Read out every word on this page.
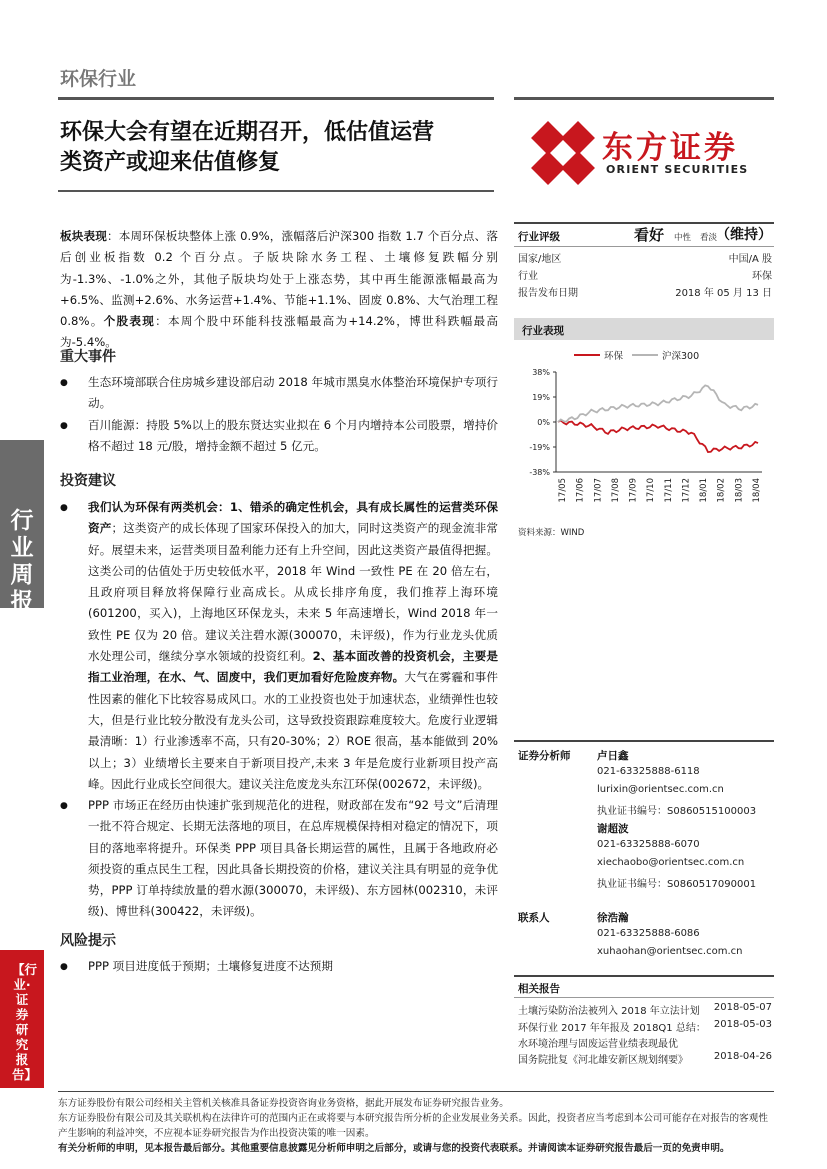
环保行业
环保大会有望在近期召开，低估值运营
类资产或迎来估值修复	东方证券
ORIENT SECURITIES
板块表现：本周环保板块整体上涨 0.9%，涨幅落后沪深300 指数 1.7 个百分点、落后创业板指数 0.2 个百分点。子版块除水务工程、土壤修复跌幅分别为-1.3%、-1.0%之外，其他子版块均处于上涨态势，其中再生能源涨幅最高为+6.5%、监测+2.6%、水务运营+1.4%、节能+1.1%、固废 0.8%、大气治理工程 0.8%。个股表现：本周个股中环能科技涨幅最高为+14.2%，博世科跌幅最高为-5.4%。
重大事件
● 生态环境部联合住房城乡建设部启动 2018 年城市黑臭水体整治环境保护专项行动。
● 百川能源：持股 5%以上的股东贤达实业拟在 6 个月内增持本公司股票，增持价格不超过 18 元/股，增持金额不超过 5 亿元。
投资建议
● 我们认为环保有两类机会：1、错杀的确定性机会，具有成长属性的运营类环保资产；这类资产的成长体现了国家环保投入的加大，同时这类资产的现金流非常好。展望未来，运营类项目盈利能力还有上升空间，因此这类资产最值得把握。这类公司的估值处于历史较低水平，2018 年 Wind 一致性 PE 在 20 倍左右，且政府项目释放将保障行业高成长。从成长排序角度，我们推荐上海环境(601200，买入)，上海地区环保龙头，未来 5 年高速增长，Wind 2018 年一致性 PE 仅为 20 倍。建议关注碧水源(300070，未评级)，作为行业龙头优质水处理公司，继续分享水领域的投资红利。2、基本面改善的投资机会，主要是指工业治理，在水、气、固废中，我们更加看好危险废弃物。大气在雾霾和事件性因素的催化下比较容易成风口。水的工业投资也处于加速状态，业绩弹性也较大，但是行业比较分散没有龙头公司，这导致投资跟踪难度较大。危废行业逻辑最清晰：1）行业渗透率不高，只有20-30%；2）ROE 很高，基本能做到 20%以上；3）业绩增长主要来自于新项目投产,未来 3 年是危废行业新项目投产高峰。因此行业成长空间很大。建议关注危废龙头东江环保(002672，未评级)。
● PPP 市场正在经历由快速扩张到规范化的进程，财政部在发布“92 号文”后清理一批不符合规定、长期无法落地的项目，在总库规模保持相对稳定的情况下，项目的落地率将提升。环保类 PPP 项目具备长期运营的属性，且属于各地政府必须投资的重点民生工程，因此具备长期投资的价格，建议关注具有明显的竞争优势，PPP 订单持续放量的碧水源(300070，未评级)、东方园林(002310，未评级)、博世科(300422，未评级)。
风险提示
● PPP 项目进度低于预期；土壤修复进度不达预期
行业周报
【行业·证券研究报告】
行业评级	看好 中性 看淡
（维持）
国家/地区	中国/A 股
行业	环保
报告发布日期	2018 年 05 月 13 日
行业表现
环保	沪深300
38%
19%
0%
-19%
-38%
17/05 17/06 17/07 17/08 17/09 17/10 17/11 17/12 18/01 18/02 18/03 18/04
资料来源：WIND
证券分析师	卢日鑫
021-63325888-6118
lurixin@orientsec.com.cn
执业证书编号：S0860515100003
谢超波
021-63325888-6070
xiechaobo@orientsec.com.cn
执业证书编号：S0860517090001
联系人	徐浩瀚
021-63325888-6086
xuhaohan@orientsec.com.cn
相关报告
土壤污染防治法被列入 2018 年立法计划	2018-05-07
环保行业 2017 年年报及 2018Q1 总结： 2018-05-03
水环境治理与固废运营业绩表现最优
国务院批复《河北雄安新区规划纲要》	2018-04-26
东方证券股份有限公司经相关主管机关核准具备证券投资咨询业务资格，据此开展发布证券研究报告业务。
东方证券股份有限公司及其关联机构在法律许可的范围内正在或将要与本研究报告所分析的企业发展业务关系。因此，投资者应当考虑到本公司可能存在对报告的客观性产生影响的利益冲突，不应视本证券研究报告为作出投资决策的唯一因素。
有关分析师的申明，见本报告最后部分。其他重要信息披露见分析师申明之后部分，或请与您的投资代表联系。并请阅读本证券研究报告最后一页的免责申明。
